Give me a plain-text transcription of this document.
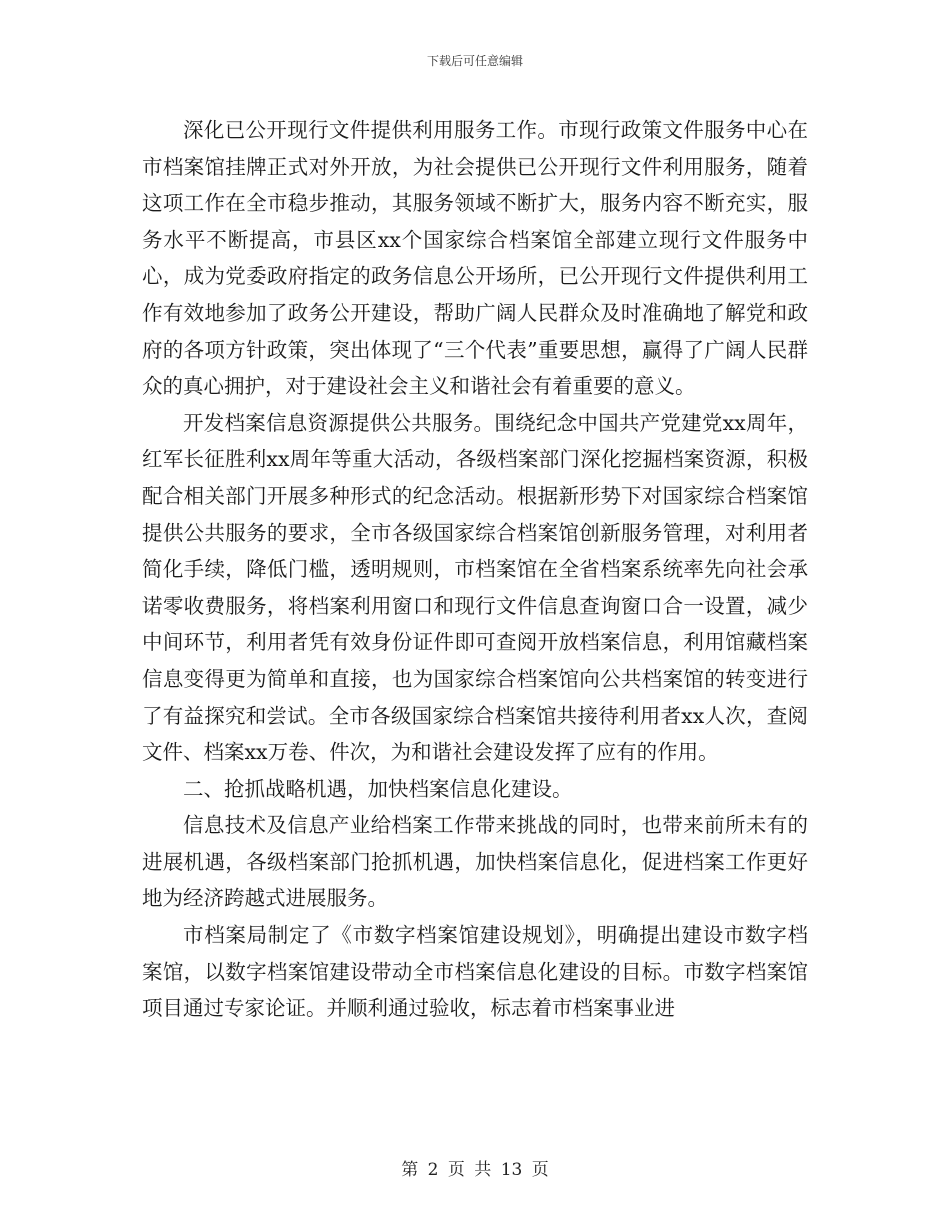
下载后可任意编辑

深化已公开现行文件提供利用服务工作。市现行政策文件服务中心在市档案馆挂牌正式对外开放，为社会提供已公开现行文件利用服务，随着这项工作在全市稳步推动，其服务领域不断扩大，服务内容不断充实，服务水平不断提高，市县区xx个国家综合档案馆全部建立现行文件服务中心，成为党委政府指定的政务信息公开场所，已公开现行文件提供利用工作有效地参加了政务公开建设，帮助广阔人民群众及时准确地了解党和政府的各项方针政策，突出体现了“三个代表”重要思想，赢得了广阔人民群众的真心拥护，对于建设社会主义和谐社会有着重要的意义。

开发档案信息资源提供公共服务。围绕纪念中国共产党建党xx周年，红军长征胜利xx周年等重大活动，各级档案部门深化挖掘档案资源，积极配合相关部门开展多种形式的纪念活动。根据新形势下对国家综合档案馆提供公共服务的要求，全市各级国家综合档案馆创新服务管理，对利用者简化手续，降低门槛，透明规则，市档案馆在全省档案系统率先向社会承诺零收费服务，将档案利用窗口和现行文件信息查询窗口合一设置，减少中间环节，利用者凭有效身份证件即可查阅开放档案信息，利用馆藏档案信息变得更为简单和直接，也为国家综合档案馆向公共档案馆的转变进行了有益探究和尝试。全市各级国家综合档案馆共接待利用者xx人次，查阅文件、档案xx万卷、件次，为和谐社会建设发挥了应有的作用。

二、抢抓战略机遇，加快档案信息化建设。

信息技术及信息产业给档案工作带来挑战的同时，也带来前所未有的进展机遇，各级档案部门抢抓机遇，加快档案信息化，促进档案工作更好地为经济跨越式进展服务。

市档案局制定了《市数字档案馆建设规划》，明确提出建设市数字档案馆，以数字档案馆建设带动全市档案信息化建设的目标。市数字档案馆项目通过专家论证。并顺利通过验收，标志着市档案事业进

第 2 页 共 13 页
